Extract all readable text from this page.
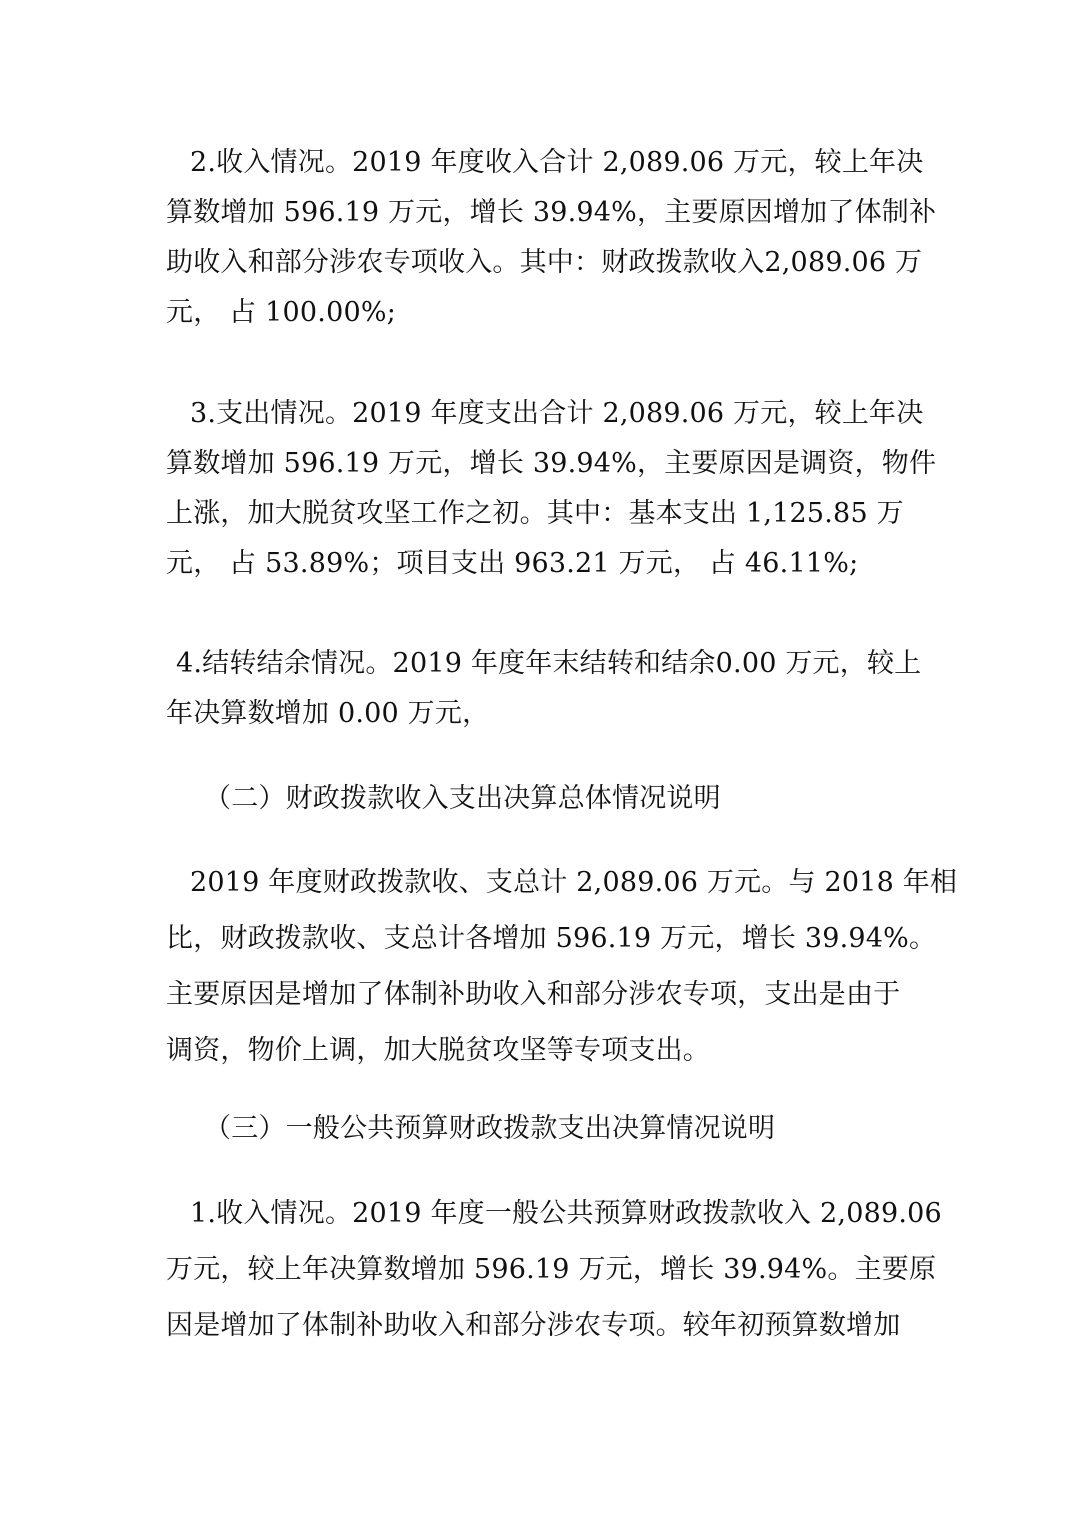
2.收入情况。2019 年度收入合计 2,089.06 万元，较上年决
算数增加 596.19 万元，增长 39.94%，主要原因增加了体制补
助收入和部分涉农专项收入。其中：财政拨款收入2,089.06 万
元， 占 100.00%;
3.支出情况。2019 年度支出合计 2,089.06 万元，较上年决
算数增加 596.19 万元，增长 39.94%，主要原因是调资，物件
上涨，加大脱贫攻坚工作之初。其中：基本支出 1,125.85 万
元， 占 53.89%；项目支出 963.21 万元， 占 46.11%;
4.结转结余情况。2019 年度年末结转和结余0.00 万元，较上
年决算数增加 0.00 万元，
（二）财政拨款收入支出决算总体情况说明
2019 年度财政拨款收、支总计 2,089.06 万元。与 2018 年相
比，财政拨款收、支总计各增加 596.19 万元，增长 39.94%。
主要原因是增加了体制补助收入和部分涉农专项，支出是由于
调资，物价上调，加大脱贫攻坚等专项支出。
（三）一般公共预算财政拨款支出决算情况说明
1.收入情况。2019 年度一般公共预算财政拨款收入 2,089.06
万元，较上年决算数增加 596.19 万元，增长 39.94%。主要原
因是增加了体制补助收入和部分涉农专项。较年初预算数增加
